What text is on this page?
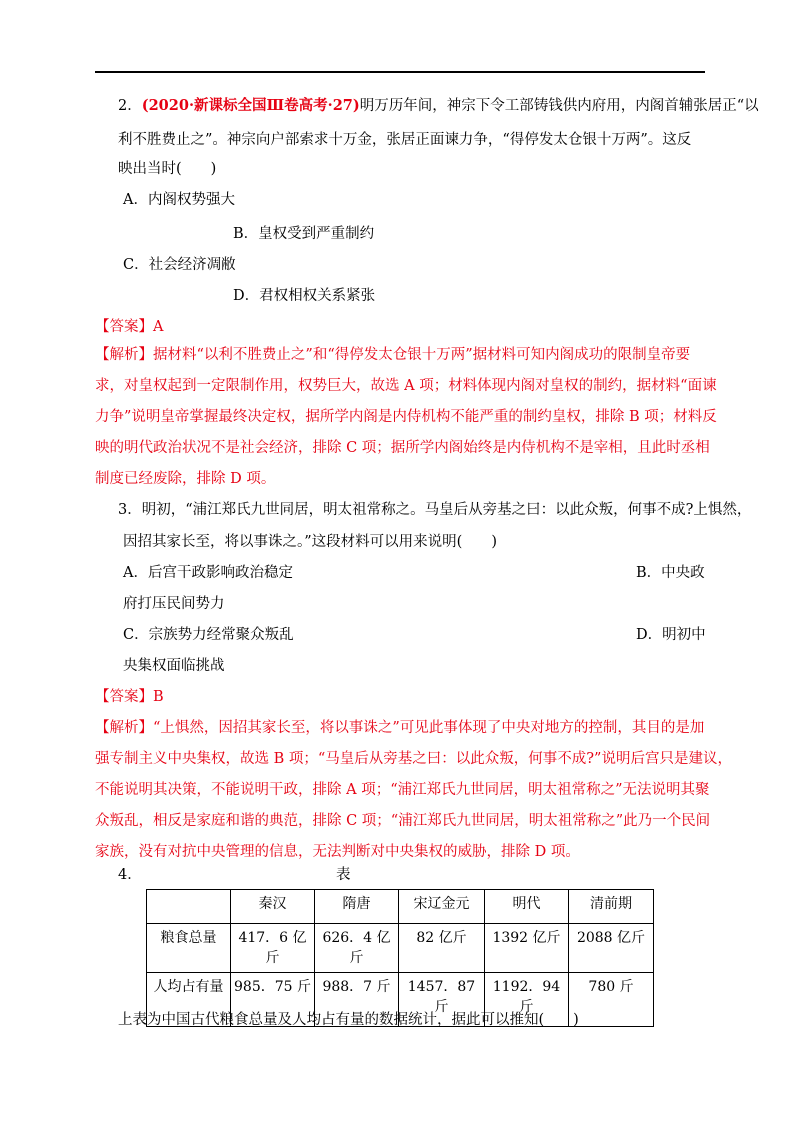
2．(2020·新课标全国Ⅲ卷高考·27)明万历年间，神宗下令工部铸钱供内府用，内阁首辅张居正“以
利不胜费止之”。神宗向户部索求十万金，张居正面谏力争，“得停发太仓银十万两”。这反
映出当时(　　)
A．内阁权势强大
B．皇权受到严重制约
C．社会经济凋敝
D．君权相权关系紧张
【答案】A
【解析】据材料“以利不胜费止之”和“得停发太仓银十万两”据材料可知内阁成功的限制皇帝要
求，对皇权起到一定限制作用，权势巨大，故选 A 项；材料体现内阁对皇权的制约，据材料“面谏
力争”说明皇帝掌握最终决定权，据所学内阁是内侍机构不能严重的制约皇权，排除 B 项；材料反
映的明代政治状况不是社会经济，排除 C 项；据所学内阁始终是内侍机构不是宰相，且此时丞相
制度已经废除，排除 D 项。
3．明初，“浦江郑氏九世同居，明太祖常称之。马皇后从旁基之曰：以此众叛，何事不成?上惧然，
因招其家长至，将以事诛之。”这段材料可以用来说明(　　)
A．后宫干政影响政治稳定	B．中央政
府打压民间势力
C．宗族势力经常聚众叛乱	D．明初中
央集权面临挑战
【答案】B
【解析】“上惧然，因招其家长至，将以事诛之”可见此事体现了中央对地方的控制，其目的是加
强专制主义中央集权，故选 B 项；“马皇后从旁基之曰：以此众叛，何事不成?”说明后宫只是建议，
不能说明其决策，不能说明干政，排除 A 项；“浦江郑氏九世同居，明太祖常称之”无法说明其聚
众叛乱，相反是家庭和谐的典范，排除 C 项；“浦江郑氏九世同居，明太祖常称之”此乃一个民间
家族，没有对抗中央管理的信息，无法判断对中央集权的威胁，排除 D 项。
4．	表
	秦汉	隋唐	宋辽金元	明代	清前期
粮食总量	417．6 亿斤	626．4 亿斤	82 亿斤	1392 亿斤	2088 亿斤
人均占有量	985．75 斤	988．7 斤	1457．87 斤	1192．94 斤	780 斤
上表为中国古代粮食总量及人均占有量的数据统计，据此可以推知(　　)
